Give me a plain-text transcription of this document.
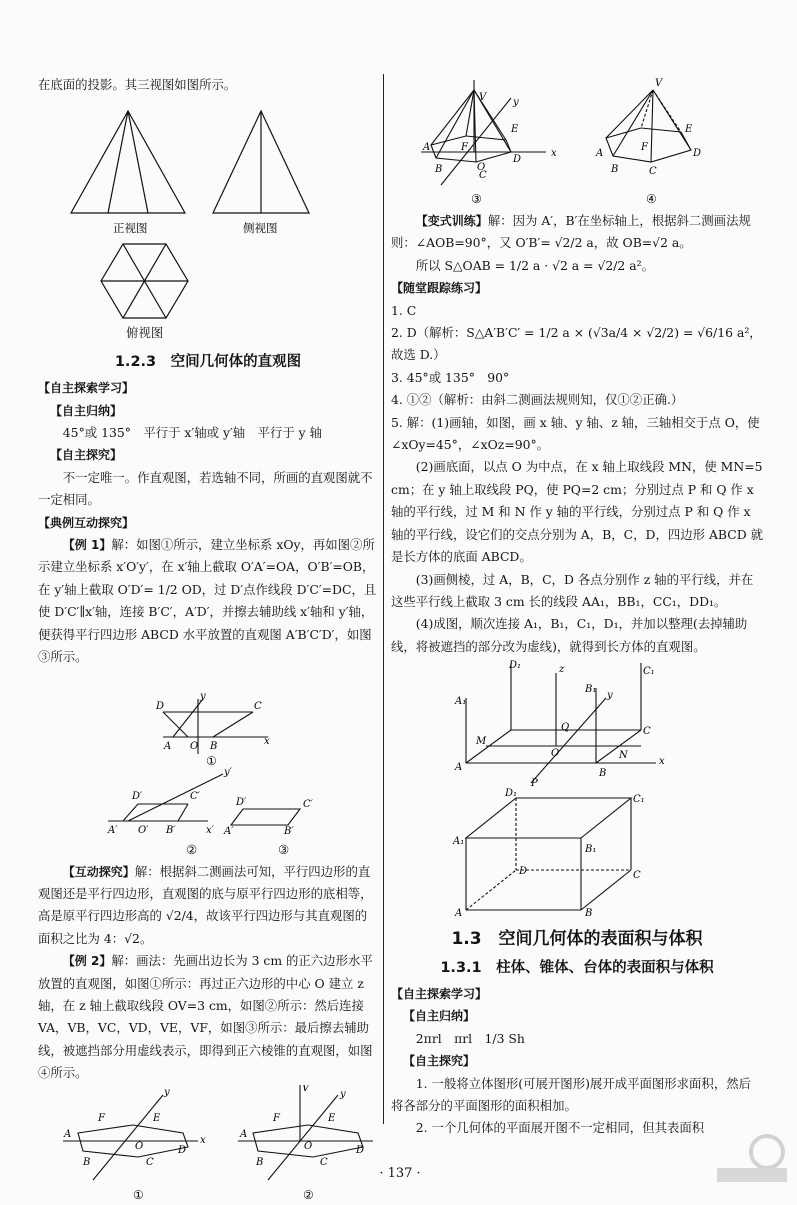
在底面的投影。其三视图如图所示。

正视图	侧视图

俯视图

1.2.3　空间几何体的直观图

【自主探索学习】

【自主归纳】

45°或 135°　平行于 x′轴或 y′轴　平行于 y 轴

【自主探究】

不一定唯一。作直观图，若选轴不同，所画的直观图就不一定相同。

【典例互动探究】

【例 1】解：如图①所示，建立坐标系 xOy，再如图②所示建立坐标系 x′O′y′，在 x′轴上截取 O′A′=OA，O′B′=OB，在 y′轴上截取 O′D′= 1/2 OD，过 D′点作线段 D′C′=DC，且使 D′C′∥x′轴，连接 B′C′，A′D′，并擦去辅助线 x′轴和 y′轴，便获得平行四边形 ABCD 水平放置的直观图 A′B′C′D′，如图③所示。

y
D	C
A O B	x
①
y′
D′	C′
A′ O′ B′	x′
D′	C′
A′	B′

②	③

【互动探究】解：根据斜二测画法可知，平行四边形的直观图还是平行四边形，直观图的底与原平行四边形的底相等，高是原平行四边形高的 √2/4，故该平行四边形与其直观图的面积之比为 4：√2。

【例 2】解：画法：先画出边长为 3 cm 的正六边形水平放置的直观图，如图①所示：再过正六边形的中心 O 建立 z 轴，在 z 轴上截取线段 OV=3 cm，如图②所示：然后连接 VA，VB，VC，VD，VE，VF，如图③所示：最后擦去辅助线，被遮挡部分用虚线表示，即得到正六棱锥的直观图，如图④所示。

F	E
A
B
O
C
D
x
y
F	E
A
B
O
C
D
V
y
①	②
V	y
E
F
A
O
D
x
B
C
V
E
F
A	D
B	C
③	④

【变式训练】解：因为 A′，B′在坐标轴上，根据斜二测画法规则：∠AOB=90°，又 O′B′= √2/2 a，故 OB=√2 a。

所以 S△OAB = 1/2 a · √2 a = √2/2 a²。

【随堂跟踪练习】

1. C

2. D（解析：S△A′B′C′ = 1/2 a × (√3a/4 × √2/2) = √6/16 a²，故选 D.）

3. 45°或 135°　90°

4. ①②（解析：由斜二测画法规则知，仅①②正确.）

5. 解：(1)画轴，如图，画 x 轴、y 轴、z 轴，三轴相交于点 O，使∠xOy=45°，∠xOz=90°。

(2)画底面，以点 O 为中点，在 x 轴上取线段 MN，使 MN=5 cm；在 y 轴上取线段 PQ，使 PQ=2 cm；分别过点 P 和 Q 作 x 轴的平行线，过 M 和 N 作 y 轴的平行线，分别过点 P 和 Q 作 x 轴的平行线，设它们的交点分别为 A，B，C，D，四边形 ABCD 就是长方体的底面 ABCD。

(3)画侧棱，过 A，B，C，D 各点分别作 z 轴的平行线，并在这些平行线上截取 3 cm 长的线段 AA₁，BB₁，CC₁，DD₁。

(4)成图，顺次连接 A₁，B₁，C₁，D₁，并加以整理(去掉辅助线，将被遮挡的部分改为虚线)，就得到长方体的直观图。

D₁
C₁
z
A₁
B₁
y
Q	C
M
O	N
x
A
P
B
D₁
C₁
A₁
B₁
D	C
A	B
1.3　空间几何体的表面积与体积
1.3.1　柱体、锥体、台体的表面积与体积

【自主探索学习】

【自主归纳】

2πrl　πrl　1/3 Sh

【自主探究】

1. 一般将立体图形(可展开图形)展开成平面图形求面积，然后将各部分的平面图形的面积相加。

2. 一个几何体的平面展开图不一定相同，但其表面积

· 137 ·
